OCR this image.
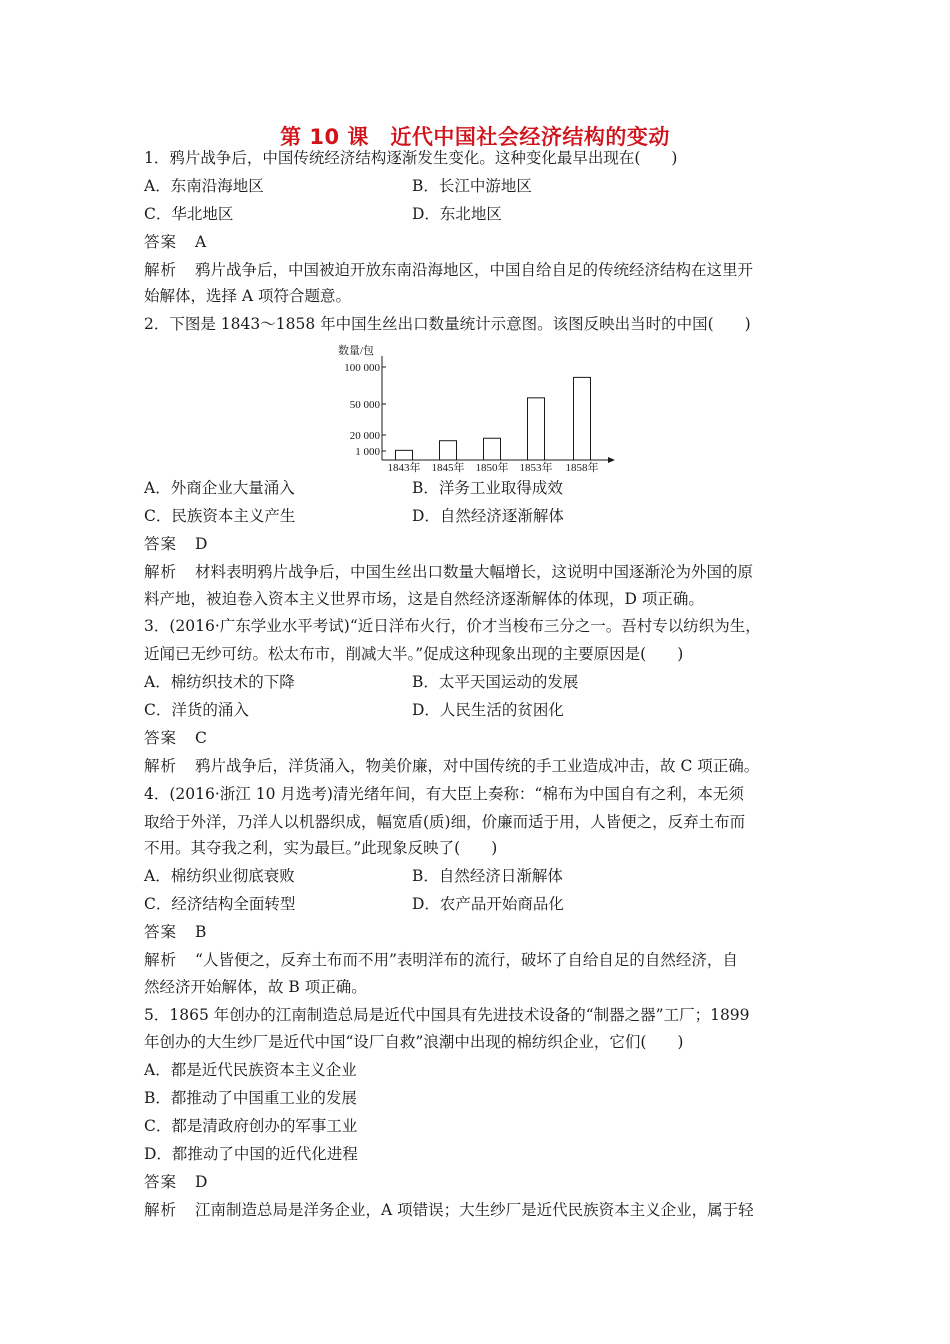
第 10 课　近代中国社会经济结构的变动
1．鸦片战争后，中国传统经济结构逐渐发生变化。这种变化最早出现在(　　)
A．东南沿海地区	B．长江中游地区
C．华北地区	D．东北地区
答案 A
解析 鸦片战争后，中国被迫开放东南沿海地区，中国自给自足的传统经济结构在这里开
始解体，选择 A 项符合题意。
2．下图是 1843～1858 年中国生丝出口数量统计示意图。该图反映出当时的中国(　　)
数量/包
1 000
20 000
50 000
100 000
1843年 1845年 1850年 1853年 1858年
A．外商企业大量涌入	B．洋务工业取得成效
C．民族资本主义产生	D．自然经济逐渐解体
答案 D
解析 材料表明鸦片战争后，中国生丝出口数量大幅增长，这说明中国逐渐沦为外国的原
料产地，被迫卷入资本主义世界市场，这是自然经济逐渐解体的体现，D 项正确。
3．(2016·广东学业水平考试)“近日洋布火行，价才当梭布三分之一。吾村专以纺织为生，
近闻已无纱可纺。松太布市，削减大半。”促成这种现象出现的主要原因是(　　)
A．棉纺织技术的下降	B．太平天国运动的发展
C．洋货的涌入	D．人民生活的贫困化
答案 C
解析 鸦片战争后，洋货涌入，物美价廉，对中国传统的手工业造成冲击，故 C 项正确。
4．(2016·浙江 10 月选考)清光绪年间，有大臣上奏称：“棉布为中国自有之利，本无须
取给于外洋，乃洋人以机器织成，幅宽盾(质)细，价廉而适于用，人皆便之，反弃土布而
不用。其夺我之利，实为最巨。”此现象反映了(　　)
A．棉纺织业彻底衰败	B．自然经济日渐解体
C．经济结构全面转型	D．农产品开始商品化
答案 B
解析 “人皆便之，反弃土布而不用”表明洋布的流行，破坏了自给自足的自然经济，自
然经济开始解体，故 B 项正确。
5．1865 年创办的江南制造总局是近代中国具有先进技术设备的“制器之器”工厂；1899
年创办的大生纱厂是近代中国“设厂自救”浪潮中出现的棉纺织企业，它们(　　)
A．都是近代民族资本主义企业
B．都推动了中国重工业的发展
C．都是清政府创办的军事工业
D．都推动了中国的近代化进程
答案 D
解析 江南制造总局是洋务企业，A 项错误；大生纱厂是近代民族资本主义企业，属于轻
